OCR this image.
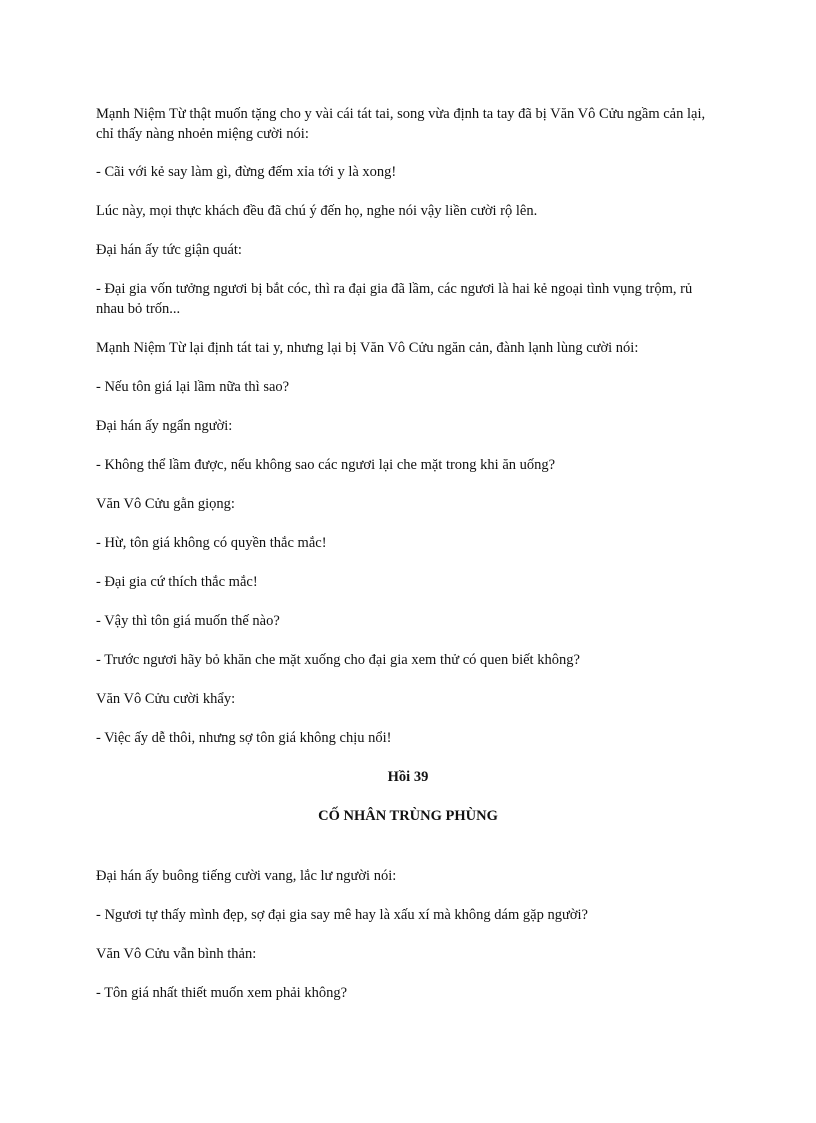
Mạnh Niệm Từ thật muốn tặng cho y vài cái tát tai, song vừa định ta tay đã bị Văn Vô Cửu ngầm cản lại, chỉ thấy nàng nhoẻn miệng cười nói:

- Cãi với kẻ say làm gì, đừng đếm xỉa tới y là xong!

Lúc này, mọi thực khách đều đã chú ý đến họ, nghe nói vậy liền cười rộ lên.

Đại hán ấy tức giận quát:

- Đại gia vốn tưởng ngươi bị bắt cóc, thì ra đại gia đã lầm, các ngươi là hai kẻ ngoại tình vụng trộm, rủ nhau bỏ trốn...

Mạnh Niệm Từ lại định tát tai y, nhưng lại bị Văn Vô Cửu ngăn cản, đành lạnh lùng cười nói:

- Nếu tôn giá lại lầm nữa thì sao?

Đại hán ấy ngẩn người:

- Không thể lầm được, nếu không sao các ngươi lại che mặt trong khi ăn uống?

Văn Vô Cửu gằn giọng:

- Hừ, tôn giá không có quyền thắc mắc!

- Đại gia cứ thích thắc mắc!

- Vậy thì tôn giá muốn thế nào?

- Trước ngươi hãy bỏ khăn che mặt xuống cho đại gia xem thử có quen biết không?

Văn Vô Cửu cười khẩy:

- Việc ấy dễ thôi, nhưng sợ tôn giá không chịu nổi!

Hồi 39

CỐ NHÂN TRÙNG PHÙNG

Đại hán ấy buông tiếng cười vang, lắc lư người nói:

- Ngươi tự thấy mình đẹp, sợ đại gia say mê hay là xấu xí mà không dám gặp người?

Văn Vô Cửu vẫn bình thản:

- Tôn giá nhất thiết muốn xem phải không?
